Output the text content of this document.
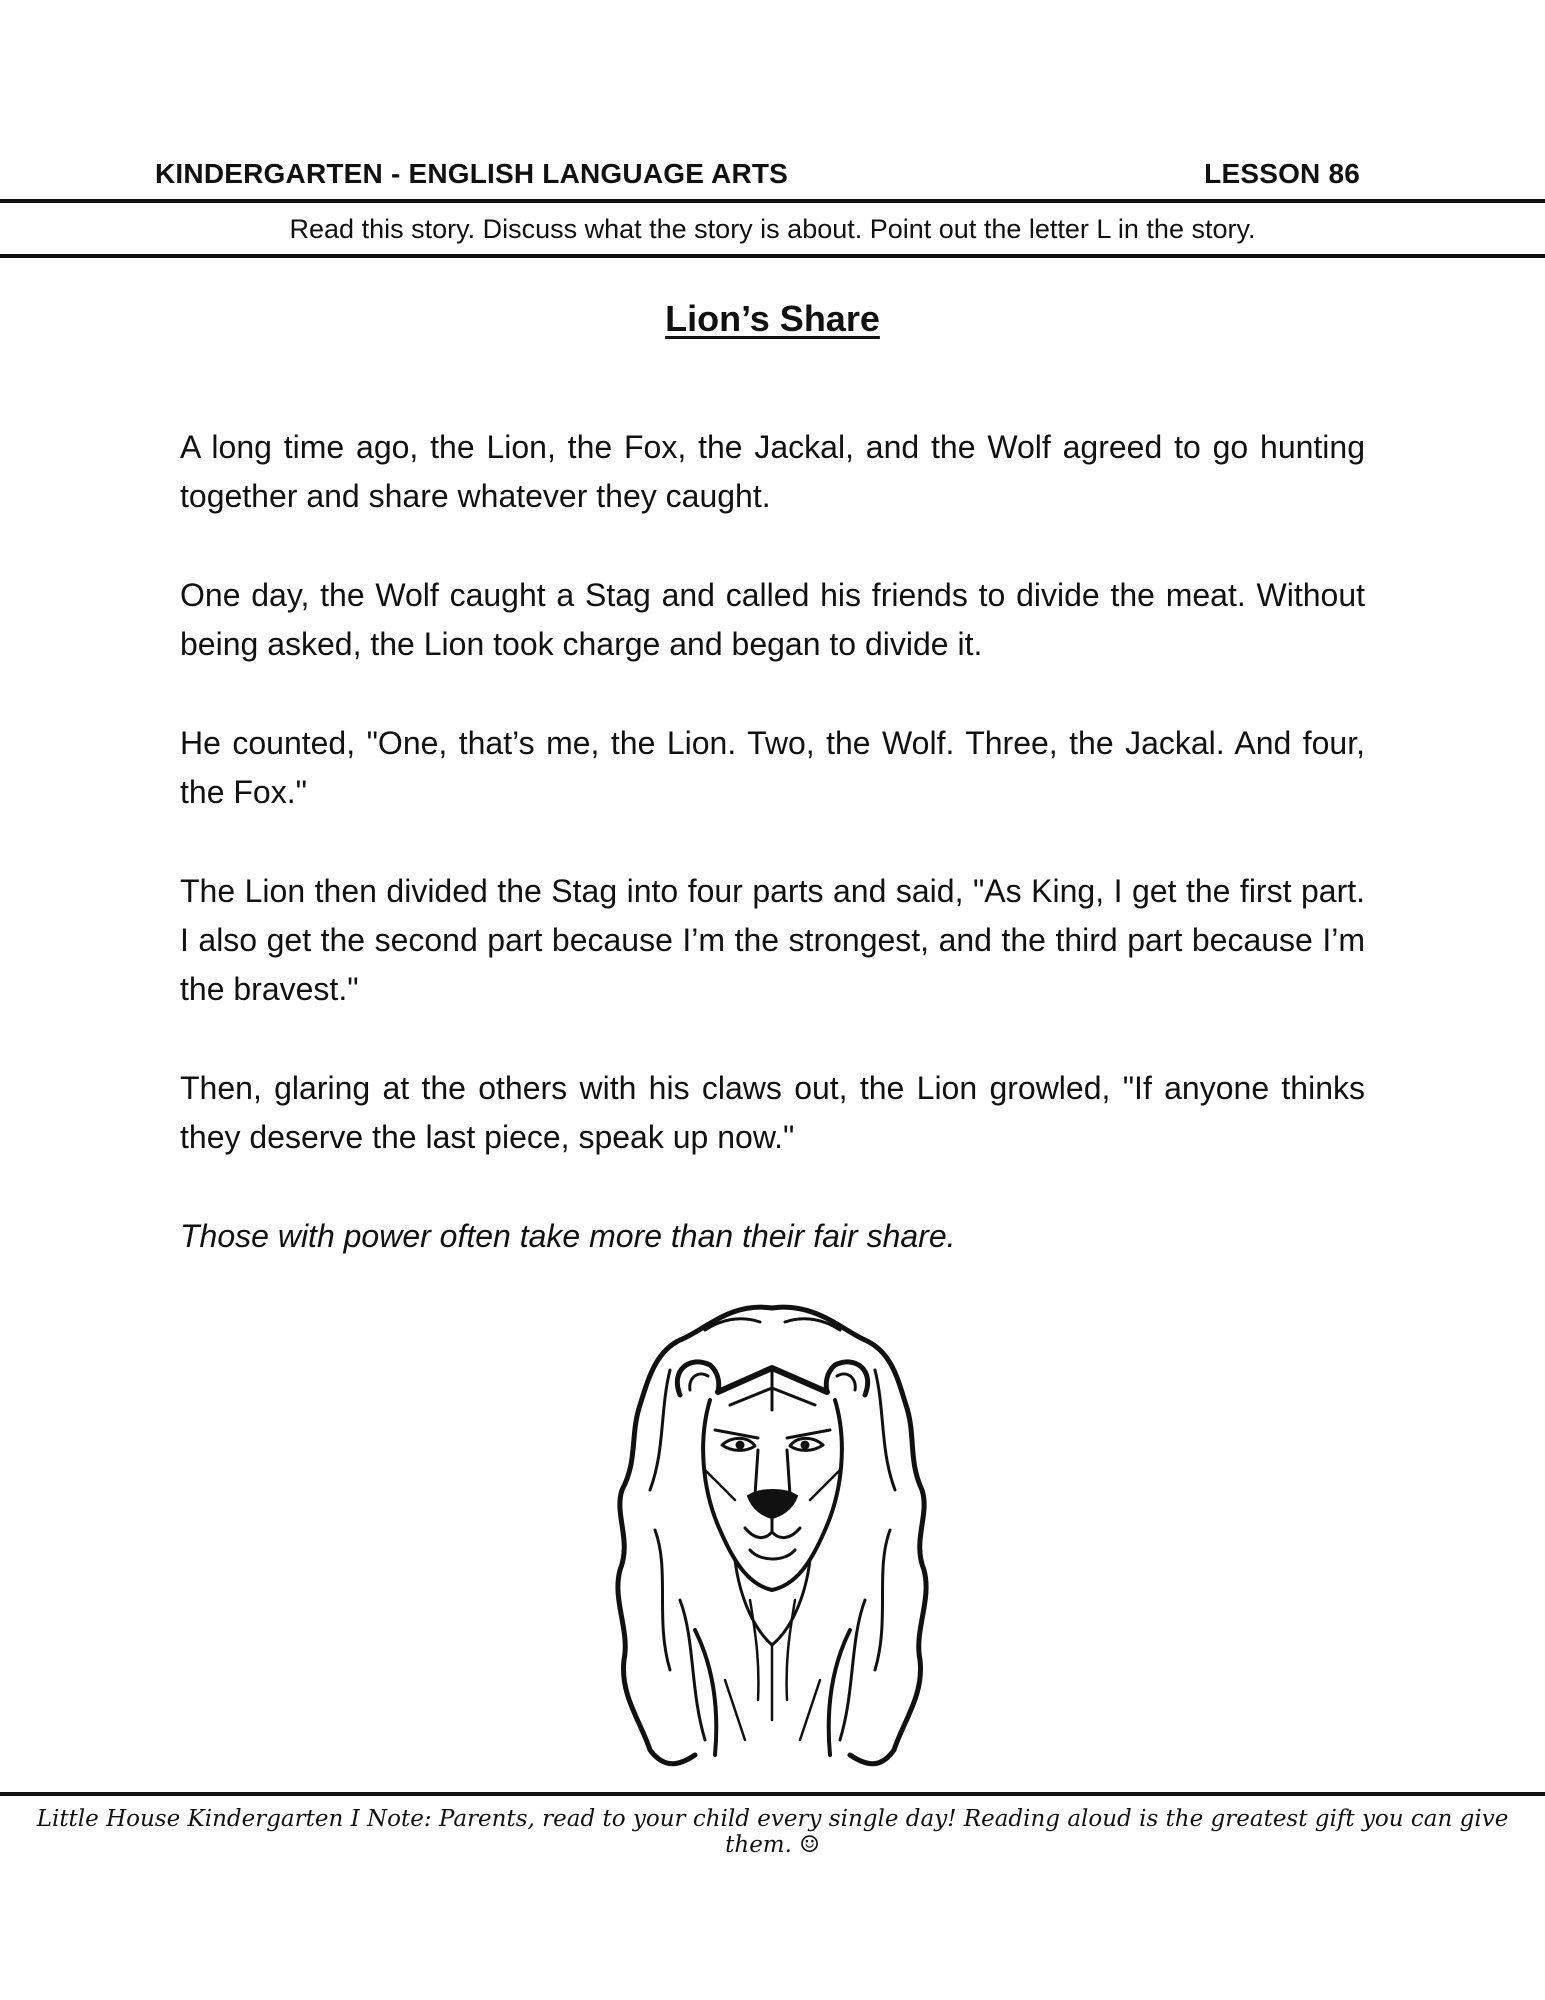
KINDERGARTEN - ENGLISH LANGUAGE ARTS	LESSON 86
Read this story. Discuss what the story is about. Point out the letter L in the story.
Lion’s Share

A long time ago, the Lion, the Fox, the Jackal, and the Wolf agreed to go hunting together and share whatever they caught.

One day, the Wolf caught a Stag and called his friends to divide the meat. Without being asked, the Lion took charge and began to divide it.

He counted, "One, that’s me, the Lion. Two, the Wolf. Three, the Jackal. And four, the Fox."

The Lion then divided the Stag into four parts and said, "As King, I get the first part. I also get the second part because I’m the strongest, and the third part because I’m the bravest."

Then, glaring at the others with his claws out, the Lion growled, "If anyone thinks they deserve the last piece, speak up now."

Those with power often take more than their fair share.

Little House Kindergarten I Note: Parents, read to your child every single day! Reading aloud is the greatest gift you can give them. ☺
